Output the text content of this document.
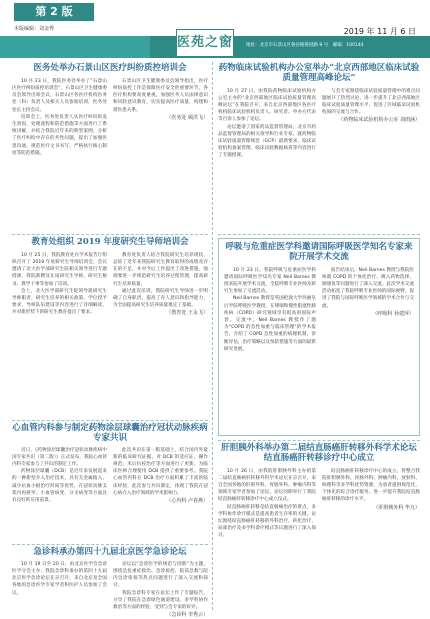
第 2 版
本版编辑：刘金秀	2019 年 11 月 6 日
医苑之窗	地址：北京市石景山区鲁谷路鲁园路 9 号　邮编：100144
医务处举办石景山区医疗纠纷质控培训会

10 月 23 日，我院医务处举办了“石景山区医疗纠纷质控培训会”，石景山区卫生健康委员会领导出席会议，石景山区各医疗机构医务处（科）负责人及相关人员参加培训，医务处处长主持会议。

培训会上，医务处负责人从医疗纠纷的发生原因、处理流程和防范措施等方面进行了系统讲解，并结合我院近年来的典型案例，分析了医疗纠纷中存在的共性问题，提出了加强医患沟通、规范医疗文书书写、严格执行核心制度等防范措施。

石景山区卫生健康委员会领导指出，医疗纠纷质控工作是保障医疗安全的重要环节，各医疗机构要高度重视，加强医务人员法律意识和风险意识教育，切实提高医疗质量，构建和谐医患关系。

（医务处 顾洪飞）
教育处组织 2019 年度研究生导师培训会

10 月 25 日，我院教育处在学术报告厅组织召开了 2019 年度研究生导师培训会，会议邀请了北大医学部研究生院相关领导进行专题授课，我院新聘及在岗研究生导师、研究生秘书、教学干事等参加了培训。

会上，北大医学部研究生院领导就研究生导师职责、研究生培养的相关政策、学位授予要求、导师队伍建设等内容进行了详细解读，并对新形势下的研究生教育提出了要求。

教育处负责人结合我院研究生培养现状，总结了近年来我院研究生教育取得的成绩及存在的不足，并对今后工作提出了改进措施，强调要进一步规范研究生培养过程管理，提高研究生培养质量。

通过此次培训，我院研究生导师进一步明确了自身职责，提高了育人意识和指导能力，为全面提高研究生培养质量奠定了基础。

（教育处 王永飞）
心血管内科参与制定药物涂层球囊治疗冠状动脉疾病专家共识

近日，《药物涂层球囊治疗冠状动脉疾病中国专家共识（第二版）》正式发布，我院心血管内科专家参与了共识的制定工作。

药物涂层球囊（DCB）是近年来发展起来的一种新型介入治疗技术，具有无金属植入、减少抗血小板治疗时间等优势，在冠状动脉支架内再狭窄、小血管病变、分叉病变等方面具有良好的应用前景。

此次共识在第一版基础上，结合国内外最新的临床研究证据，对 DCB 的适应证、操作规范、术后抗栓治疗等方面进行了更新，为临床医师合理使用 DCB 提供了重要参考。我院心血管内科在 DCB 治疗方面积累了丰富的临床经验，此次参与共识制定，体现了我院在冠心病介入治疗领域的学术影响力。

（心内科 卢春燕）
急诊科承办第四十九届北京医学急诊论坛

10 月 19 日至 20 日，由北京医学会急诊医学分会主办、我院急诊科承办的第四十九届北京医学急诊论坛在京召开，来自北京及全国各地的急诊医学专家学者和医护人员参加了会议。

论坛以“急诊医学的规范与创新”为主题，围绕急危重症救治、急诊质控、院前急救与院内急诊衔接等热点问题进行了深入交流和探讨。

我院急诊科专家在论坛上作了专题报告，分享了我院在急诊绿色通道建设、多学科协作救治等方面的经验，受到与会专家的好评。

（急诊科 李秀云）
药物临床试验机构办公室举办“北京西部地区临床试验质量管理高峰论坛”

10 月 27 日，由我院药物临床试验机构办公室主办的“北京西部地区临床试验质量管理高峰论坛”在我院召开。来自北京西部地区各医疗机构临床试验机构负责人、研究者、申办方代表等百余人参加了论坛。

论坛邀请了国家药品监督管理局、北京市药品监督管理局的相关领导和行业专家，就药物临床试验质量管理规范（GCP）最新要求、临床试验机构备案管理、临床试验数据核查等内容进行了专题授课。

与会专家围绕临床试验质量管理中的难点问题展开了热烈讨论，进一步提升了北京西部地区临床试验质量管理水平，促进了区域临床试验机构间的交流与合作。

（药物临床试验机构办公室 刘雨涵）
呼吸与危重症医学科邀请国际呼吸医学知名专家来院开展学术交流

10 月 23 日，我院呼吸与危重症医学科邀请国际呼吸医学知名专家 Neil Barnes 教授来院开展学术交流，全院呼吸专业医师及研究生参加了交流活动。

Neil Barnes 教授是英国伦敦大学玛丽皇后学院呼吸医学教授，在哮喘和慢性阻塞性肺疾病（COPD）研究领域享有很高的国际声誉。交流中，Neil Barnes 教授作了题为“COPD 的急性加重与临床管理”的学术报告，介绍了 COPD 急性加重的病理机制、诊断评估、治疗策略以及预防措施等方面的最新研究进展。

报告结束后，Neil Barnes 教授与我院医师就 COPD 的个体化治疗、吸入药物选择、肺康复等问题进行了深入交流。此次学术交流活动拓宽了我院呼吸专业医师的国际视野，促进了我院与国际呼吸医学领域的学术合作与交流。

（呼吸科 孙建萍）
肝胆胰外科举办第二届结直肠癌肝转移外科学术论坛　结直肠癌肝转移诊疗中心成立

10 月 26 日，由我院肝胆胰外科主办的第二届结直肠癌肝转移外科学术论坛在京召开，来自全国各地的肝胆外科、胃肠外科、肿瘤内科等领域专家学者参加了论坛。论坛同期举行了我院结直肠癌肝转移诊疗中心成立仪式。

结直肠癌肝转移是结直肠癌治疗的难点，多学科协作诊疗模式是提高患者生存率的关键。论坛围绕结直肠癌肝转移的外科治疗、转化治疗、局部治疗及多学科诊疗模式等议题进行了深入探讨。

结直肠癌肝转移诊疗中心的成立，将整合我院肝胆胰外科、胃肠外科、肿瘤内科、放射科、病理科等多学科优势资源，为患者提供规范化、个体化的综合诊疗服务，进一步提升我院结直肠癌肝转移的诊疗水平。

（肝胆胰外科 毕凡）
